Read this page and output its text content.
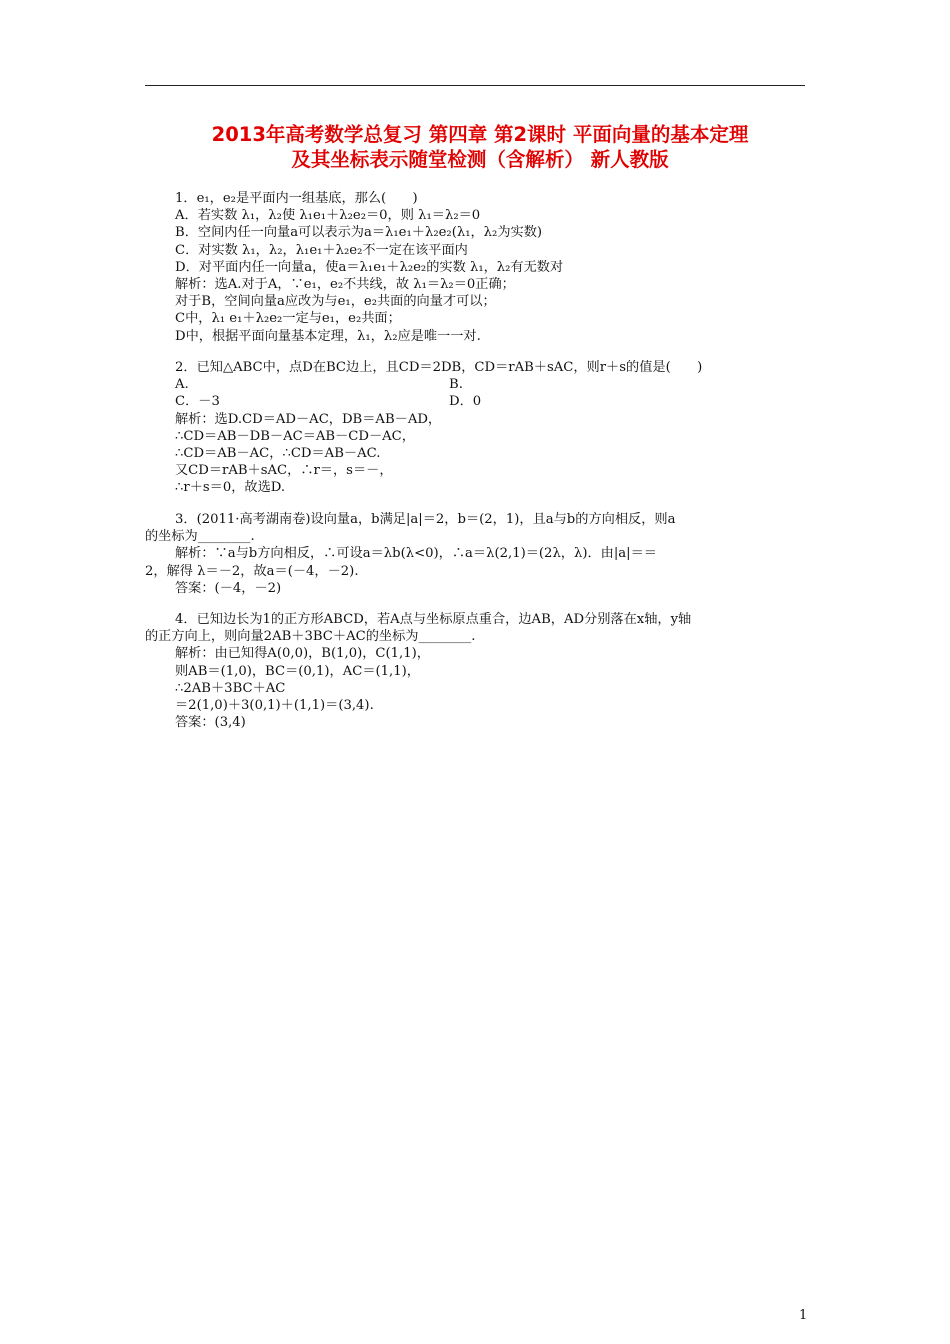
2013年高考数学总复习 第四章 第2课时 平面向量的基本定理
及其坐标表示随堂检测（含解析） 新人教版
1．e₁，e₂是平面内一组基底，那么(　　)
A．若实数 λ₁，λ₂使 λ₁e₁＋λ₂e₂＝0，则 λ₁＝λ₂＝0
B．空间内任一向量a可以表示为a＝λ₁e₁＋λ₂e₂(λ₁，λ₂为实数)
C．对实数 λ₁，λ₂，λ₁e₁＋λ₂e₂不一定在该平面内
D．对平面内任一向量a，使a＝λ₁e₁＋λ₂e₂的实数 λ₁，λ₂有无数对
解析：选A.对于A，∵e₁，e₂不共线，故 λ₁＝λ₂＝0正确；
对于B，空间向量a应改为与e₁，e₂共面的向量才可以；
C中，λ₁ e₁＋λ₂e₂一定与e₁，e₂共面；
D中，根据平面向量基本定理，λ₁，λ₂应是唯一一对.
2．已知△ABC中，点D在BC边上，且CD＝2DB，CD＝rAB＋sAC，则r＋s的值是(　　)
A.	B.
C．－3	D．0
解析：选D.CD＝AD－AC，DB＝AB－AD，
∴CD＝AB－DB－AC＝AB－CD－AC，
∴CD＝AB－AC，∴CD＝AB－AC.
又CD＝rAB＋sAC，∴r＝，s＝－，
∴r＋s＝0，故选D.
3．(2011·高考湖南卷)设向量a，b满足|a|＝2，b＝(2，1)，且a与b的方向相反，则a
的坐标为________.
解析：∵a与b方向相反，∴可设a＝λb(λ<0)，∴a＝λ(2,1)＝(2λ，λ)．由|a|＝＝
2，解得 λ＝－2，故a＝(－4，－2).
答案：(－4，－2)
4．已知边长为1的正方形ABCD，若A点与坐标原点重合，边AB，AD分别落在x轴，y轴
的正方向上，则向量2AB＋3BC＋AC的坐标为________.
解析：由已知得A(0,0)，B(1,0)，C(1,1)，
则AB＝(1,0)，BC＝(0,1)，AC＝(1,1)，
∴2AB＋3BC＋AC
＝2(1,0)＋3(0,1)＋(1,1)＝(3,4).
答案：(3,4)
1
